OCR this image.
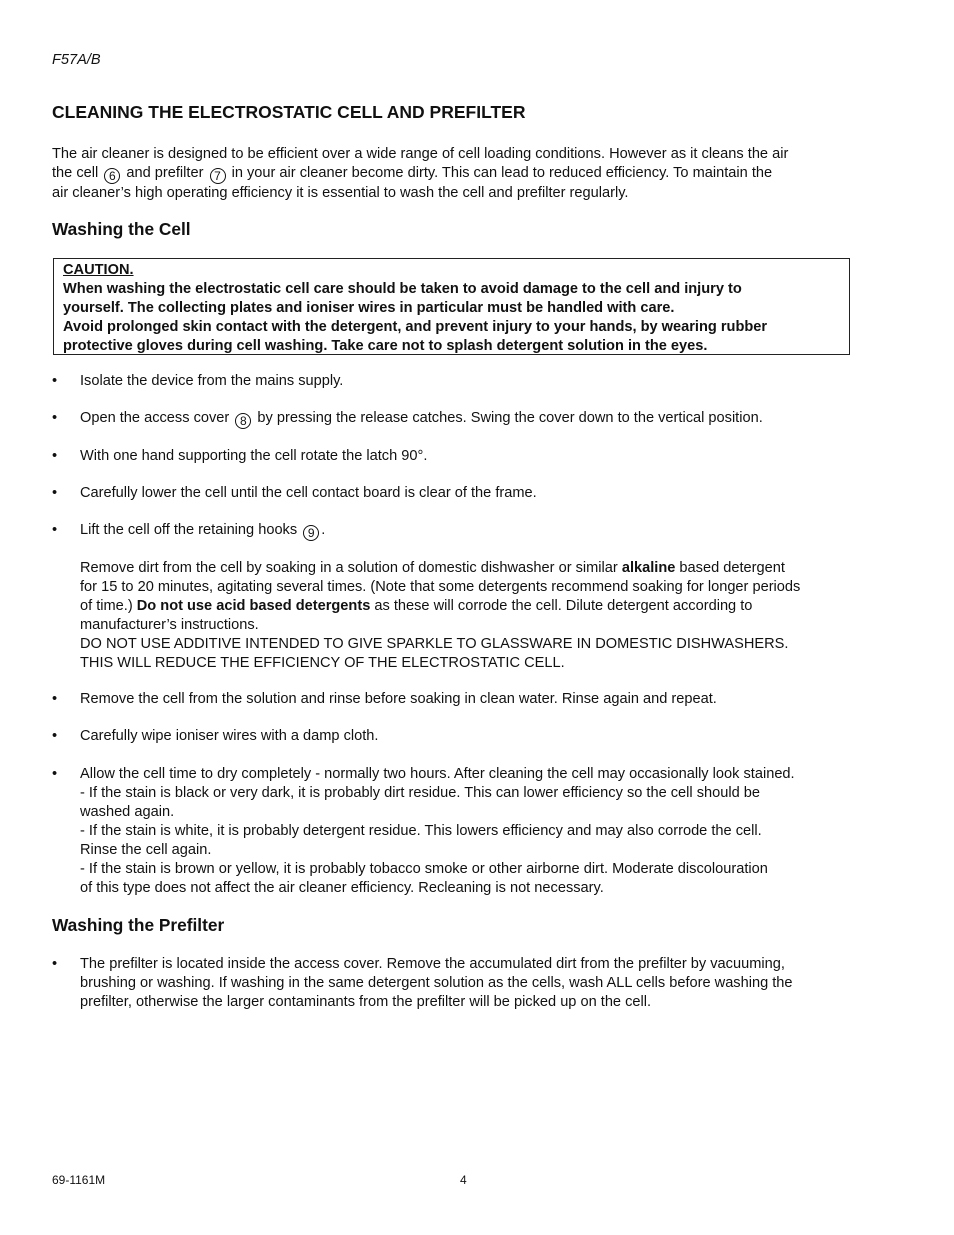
F57A/B
CLEANING THE ELECTROSTATIC CELL AND PREFILTER
The air cleaner is designed to be efficient over a wide range of cell loading conditions. However as it cleans the air
the cell 6 and prefilter 7 in your air cleaner become dirty. This can lead to reduced efficiency. To maintain the
air cleaner’s high operating efficiency it is essential to wash the cell and prefilter regularly.
Washing the Cell
CAUTION.
When washing the electrostatic cell care should be taken to avoid damage to the cell and injury to
yourself. The collecting plates and ioniser wires in particular must be handled with care.
Avoid prolonged skin contact with the detergent, and prevent injury to your hands, by wearing rubber
protective gloves during cell washing. Take care not to splash detergent solution in the eyes.
•	Isolate the device from the mains supply.
•	Open the access cover 8 by pressing the release catches. Swing the cover down to the vertical position.
•	With one hand supporting the cell rotate the latch 90°.
•	Carefully lower the cell until the cell contact board is clear of the frame.
•	Lift the cell off the retaining hooks 9 .
Remove dirt from the cell by soaking in a solution of domestic dishwasher or similar alkaline based detergent
for 15 to 20 minutes, agitating several times. (Note that some detergents recommend soaking for longer periods
of time.) Do not use acid based detergents as these will corrode the cell. Dilute detergent according to
manufacturer’s instructions.
DO NOT USE ADDITIVE INTENDED TO GIVE SPARKLE TO GLASSWARE IN DOMESTIC DISHWASHERS.
THIS WILL REDUCE THE EFFICIENCY OF THE ELECTROSTATIC CELL.
•	Remove the cell from the solution and rinse before soaking in clean water. Rinse again and repeat.
•	Carefully wipe ioniser wires with a damp cloth.
•	Allow the cell time to dry completely - normally two hours. After cleaning the cell may occasionally look stained.
- If the stain is black or very dark, it is probably dirt residue. This can lower efficiency so the cell should be
washed again.
- If the stain is white, it is probably detergent residue. This lowers efficiency and may also corrode the cell.
Rinse the cell again.
- If the stain is brown or yellow, it is probably tobacco smoke or other airborne dirt. Moderate discolouration
of this type does not affect the air cleaner efficiency. Recleaning is not necessary.
Washing the Prefilter
•	The prefilter is located inside the access cover. Remove the accumulated dirt from the prefilter by vacuuming,
brushing or washing. If washing in the same detergent solution as the cells, wash ALL cells before washing the
prefilter, otherwise the larger contaminants from the prefilter will be picked up on the cell.
69-1161M	4
